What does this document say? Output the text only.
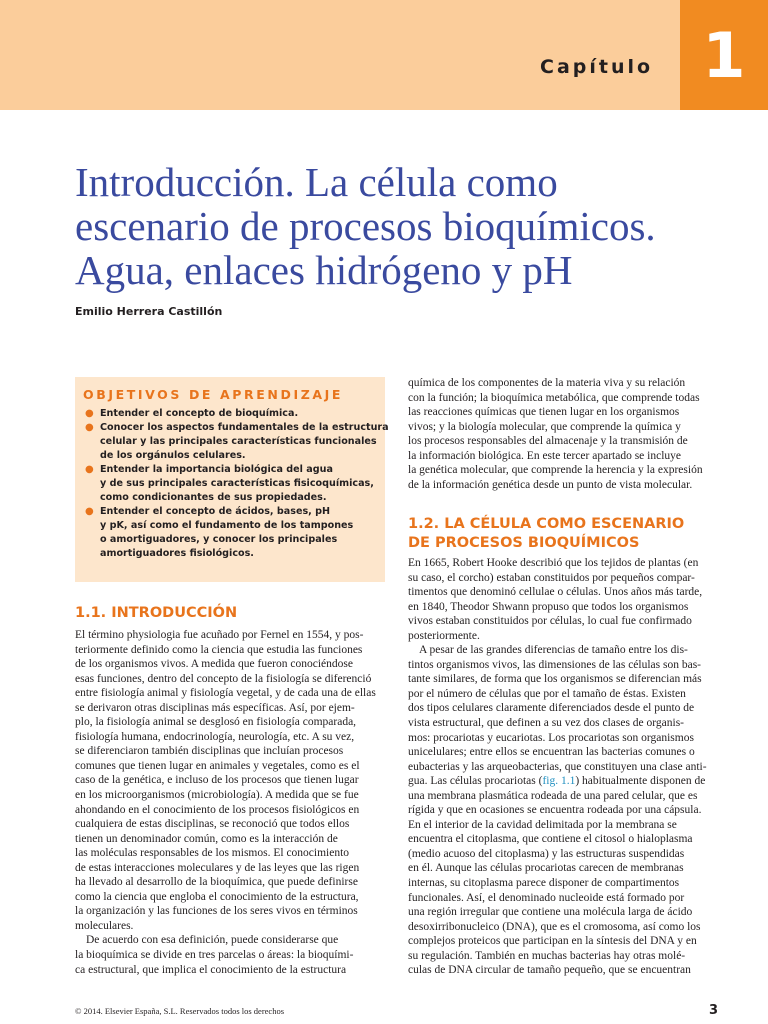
Capítulo 1
Introducción. La célula como
escenario de procesos bioquímicos.
Agua, enlaces hidrógeno y pH
Emilio Herrera Castillón
OBJETIVOS DE APRENDIZAJE
● Entender el concepto de bioquímica.
● Conocer los aspectos fundamentales de la estructura
celular y las principales características funcionales
de los orgánulos celulares.
● Entender la importancia biológica del agua
y de sus principales características fisicoquímicas,
como condicionantes de sus propiedades.
● Entender el concepto de ácidos, bases, pH
y pK, así como el fundamento de los tampones
o amortiguadores, y conocer los principales
amortiguadores fisiológicos.
1.1. INTRODUCCIÓN
El término physiologia fue acuñado por Fernel en 1554, y pos-
teriormente definido como la ciencia que estudia las funciones
de los organismos vivos. A medida que fueron conociéndose
esas funciones, dentro del concepto de la fisiología se diferenció
entre fisiología animal y fisiología vegetal, y de cada una de ellas
se derivaron otras disciplinas más específicas. Así, por ejem-
plo, la fisiología animal se desglosó en fisiología comparada,
fisiología humana, endocrinología, neurología, etc. A su vez,
se diferenciaron también disciplinas que incluían procesos
comunes que tienen lugar en animales y vegetales, como es el
caso de la genética, e incluso de los procesos que tienen lugar
en los microorganismos (microbiología). A medida que se fue
ahondando en el conocimiento de los procesos fisiológicos en
cualquiera de estas disciplinas, se reconoció que todos ellos
tienen un denominador común, como es la interacción de
las moléculas responsables de los mismos. El conocimiento
de estas interacciones moleculares y de las leyes que las rigen
ha llevado al desarrollo de la bioquímica, que puede definirse
como la ciencia que engloba el conocimiento de la estructura,
la organización y las funciones de los seres vivos en términos
moleculares.
De acuerdo con esa definición, puede considerarse que
la bioquímica se divide en tres parcelas o áreas: la bioquími-
ca estructural, que implica el conocimiento de la estructura
química de los componentes de la materia viva y su relación
con la función; la bioquímica metabólica, que comprende todas
las reacciones químicas que tienen lugar en los organismos
vivos; y la biología molecular, que comprende la química y
los procesos responsables del almacenaje y la transmisión de
la información biológica. En este tercer apartado se incluye
la genética molecular, que comprende la herencia y la expresión
de la información genética desde un punto de vista molecular.
1.2. LA CÉLULA COMO ESCENARIO
DE PROCESOS BIOQUÍMICOS
En 1665, Robert Hooke describió que los tejidos de plantas (en
su caso, el corcho) estaban constituidos por pequeños compar-
timentos que denominó cellulae o células. Unos años más tarde,
en 1840, Theodor Shwann propuso que todos los organismos
vivos estaban constituidos por células, lo cual fue confirmado
posteriormente.
A pesar de las grandes diferencias de tamaño entre los dis-
tintos organismos vivos, las dimensiones de las células son bas-
tante similares, de forma que los organismos se diferencian más
por el número de células que por el tamaño de éstas. Existen
dos tipos celulares claramente diferenciados desde el punto de
vista estructural, que definen a su vez dos clases de organis-
mos: procariotas y eucariotas. Los procariotas son organismos
unicelulares; entre ellos se encuentran las bacterias comunes o
eubacterias y las arqueobacterias, que constituyen una clase anti-
gua. Las células procariotas (fig. 1.1) habitualmente disponen de
una membrana plasmática rodeada de una pared celular, que es
rígida y que en ocasiones se encuentra rodeada por una cápsula.
En el interior de la cavidad delimitada por la membrana se
encuentra el citoplasma, que contiene el citosol o hialoplasma
(medio acuoso del citoplasma) y las estructuras suspendidas
en él. Aunque las células procariotas carecen de membranas
internas, su citoplasma parece disponer de compartimentos
funcionales. Así, el denominado nucleoide está formado por
una región irregular que contiene una molécula larga de ácido
desoxirribonucleico (DNA), que es el cromosoma, así como los
complejos proteicos que participan en la síntesis del DNA y en
su regulación. También en muchas bacterias hay otras molé-
culas de DNA circular de tamaño pequeño, que se encuentran
© 2014. Elsevier España, S.L. Reservados todos los derechos	3
